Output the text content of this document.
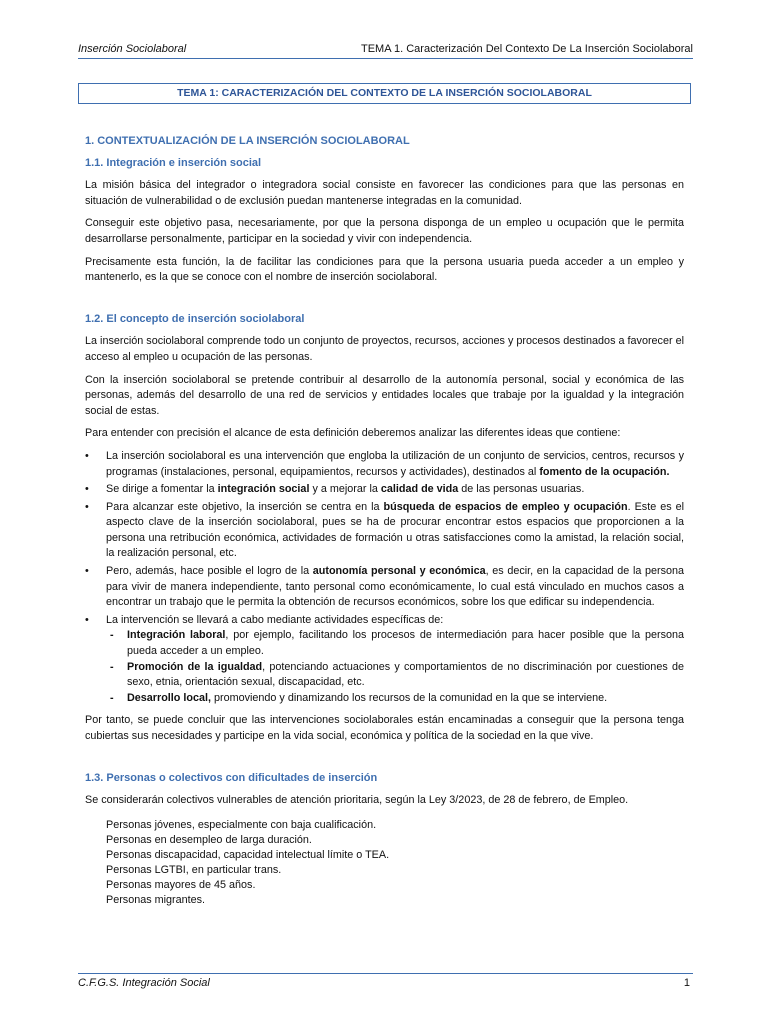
Inserción Sociolaboral	TEMA 1. Caracterización Del Contexto De La Inserción Sociolaboral
TEMA 1: CARACTERIZACIÓN DEL CONTEXTO DE LA INSERCIÓN SOCIOLABORAL
1. CONTEXTUALIZACIÓN DE LA INSERCIÓN SOCIOLABORAL
1.1. Integración e inserción social

La misión básica del integrador o integradora social consiste en favorecer las condiciones para que las personas en situación de vulnerabilidad o de exclusión puedan mantenerse integradas en la comunidad.

Conseguir este objetivo pasa, necesariamente, por que la persona disponga de un empleo u ocupación que le permita desarrollarse personalmente, participar en la sociedad y vivir con independencia.

Precisamente esta función, la de facilitar las condiciones para que la persona usuaria pueda acceder a un empleo y mantenerlo, es la que se conoce con el nombre de inserción sociolaboral.

1.2. El concepto de inserción sociolaboral

La inserción sociolaboral comprende todo un conjunto de proyectos, recursos, acciones y procesos destinados a favorecer el acceso al empleo u ocupación de las personas.

Con la inserción sociolaboral se pretende contribuir al desarrollo de la autonomía personal, social y económica de las personas, además del desarrollo de una red de servicios y entidades locales que trabaje por la igualdad y la integración social de estas.

Para entender con precisión el alcance de esta definición deberemos analizar las diferentes ideas que contiene:

• La inserción sociolaboral es una intervención que engloba la utilización de un conjunto de servicios, centros, recursos y programas (instalaciones, personal, equipamientos, recursos y actividades), destinados al fomento de la ocupación.
• Se dirige a fomentar la integración social y a mejorar la calidad de vida de las personas usuarias.
• Para alcanzar este objetivo, la inserción se centra en la búsqueda de espacios de empleo y ocupación. Este es el aspecto clave de la inserción sociolaboral, pues se ha de procurar encontrar estos espacios que proporcionen a la persona una retribución económica, actividades de formación u otras satisfacciones como la amistad, la relación social, la realización personal, etc.
• Pero, además, hace posible el logro de la autonomía personal y económica, es decir, en la capacidad de la persona para vivir de manera independiente, tanto personal como económicamente, lo cual está vinculado en muchos casos a encontrar un trabajo que le permita la obtención de recursos económicos, sobre los que edificar su independencia.
• La intervención se llevará a cabo mediante actividades específicas de:
- Integración laboral, por ejemplo, facilitando los procesos de intermediación para hacer posible que la persona pueda acceder a un empleo.
- Promoción de la igualdad, potenciando actuaciones y comportamientos de no discriminación por cuestiones de sexo, etnia, orientación sexual, discapacidad, etc.
- Desarrollo local, promoviendo y dinamizando los recursos de la comunidad en la que se interviene.

Por tanto, se puede concluir que las intervenciones sociolaborales están encaminadas a conseguir que la persona tenga cubiertas sus necesidades y participe en la vida social, económica y política de la sociedad en la que vive.

1.3. Personas o colectivos con dificultades de inserción

Se considerarán colectivos vulnerables de atención prioritaria, según la Ley 3/2023, de 28 de febrero, de Empleo.

Personas jóvenes, especialmente con baja cualificación.
Personas en desempleo de larga duración.
Personas discapacidad, capacidad intelectual límite o TEA.
Personas LGTBI, en particular trans.
Personas mayores de 45 años.
Personas migrantes.
C.F.G.S. Integración Social	1
